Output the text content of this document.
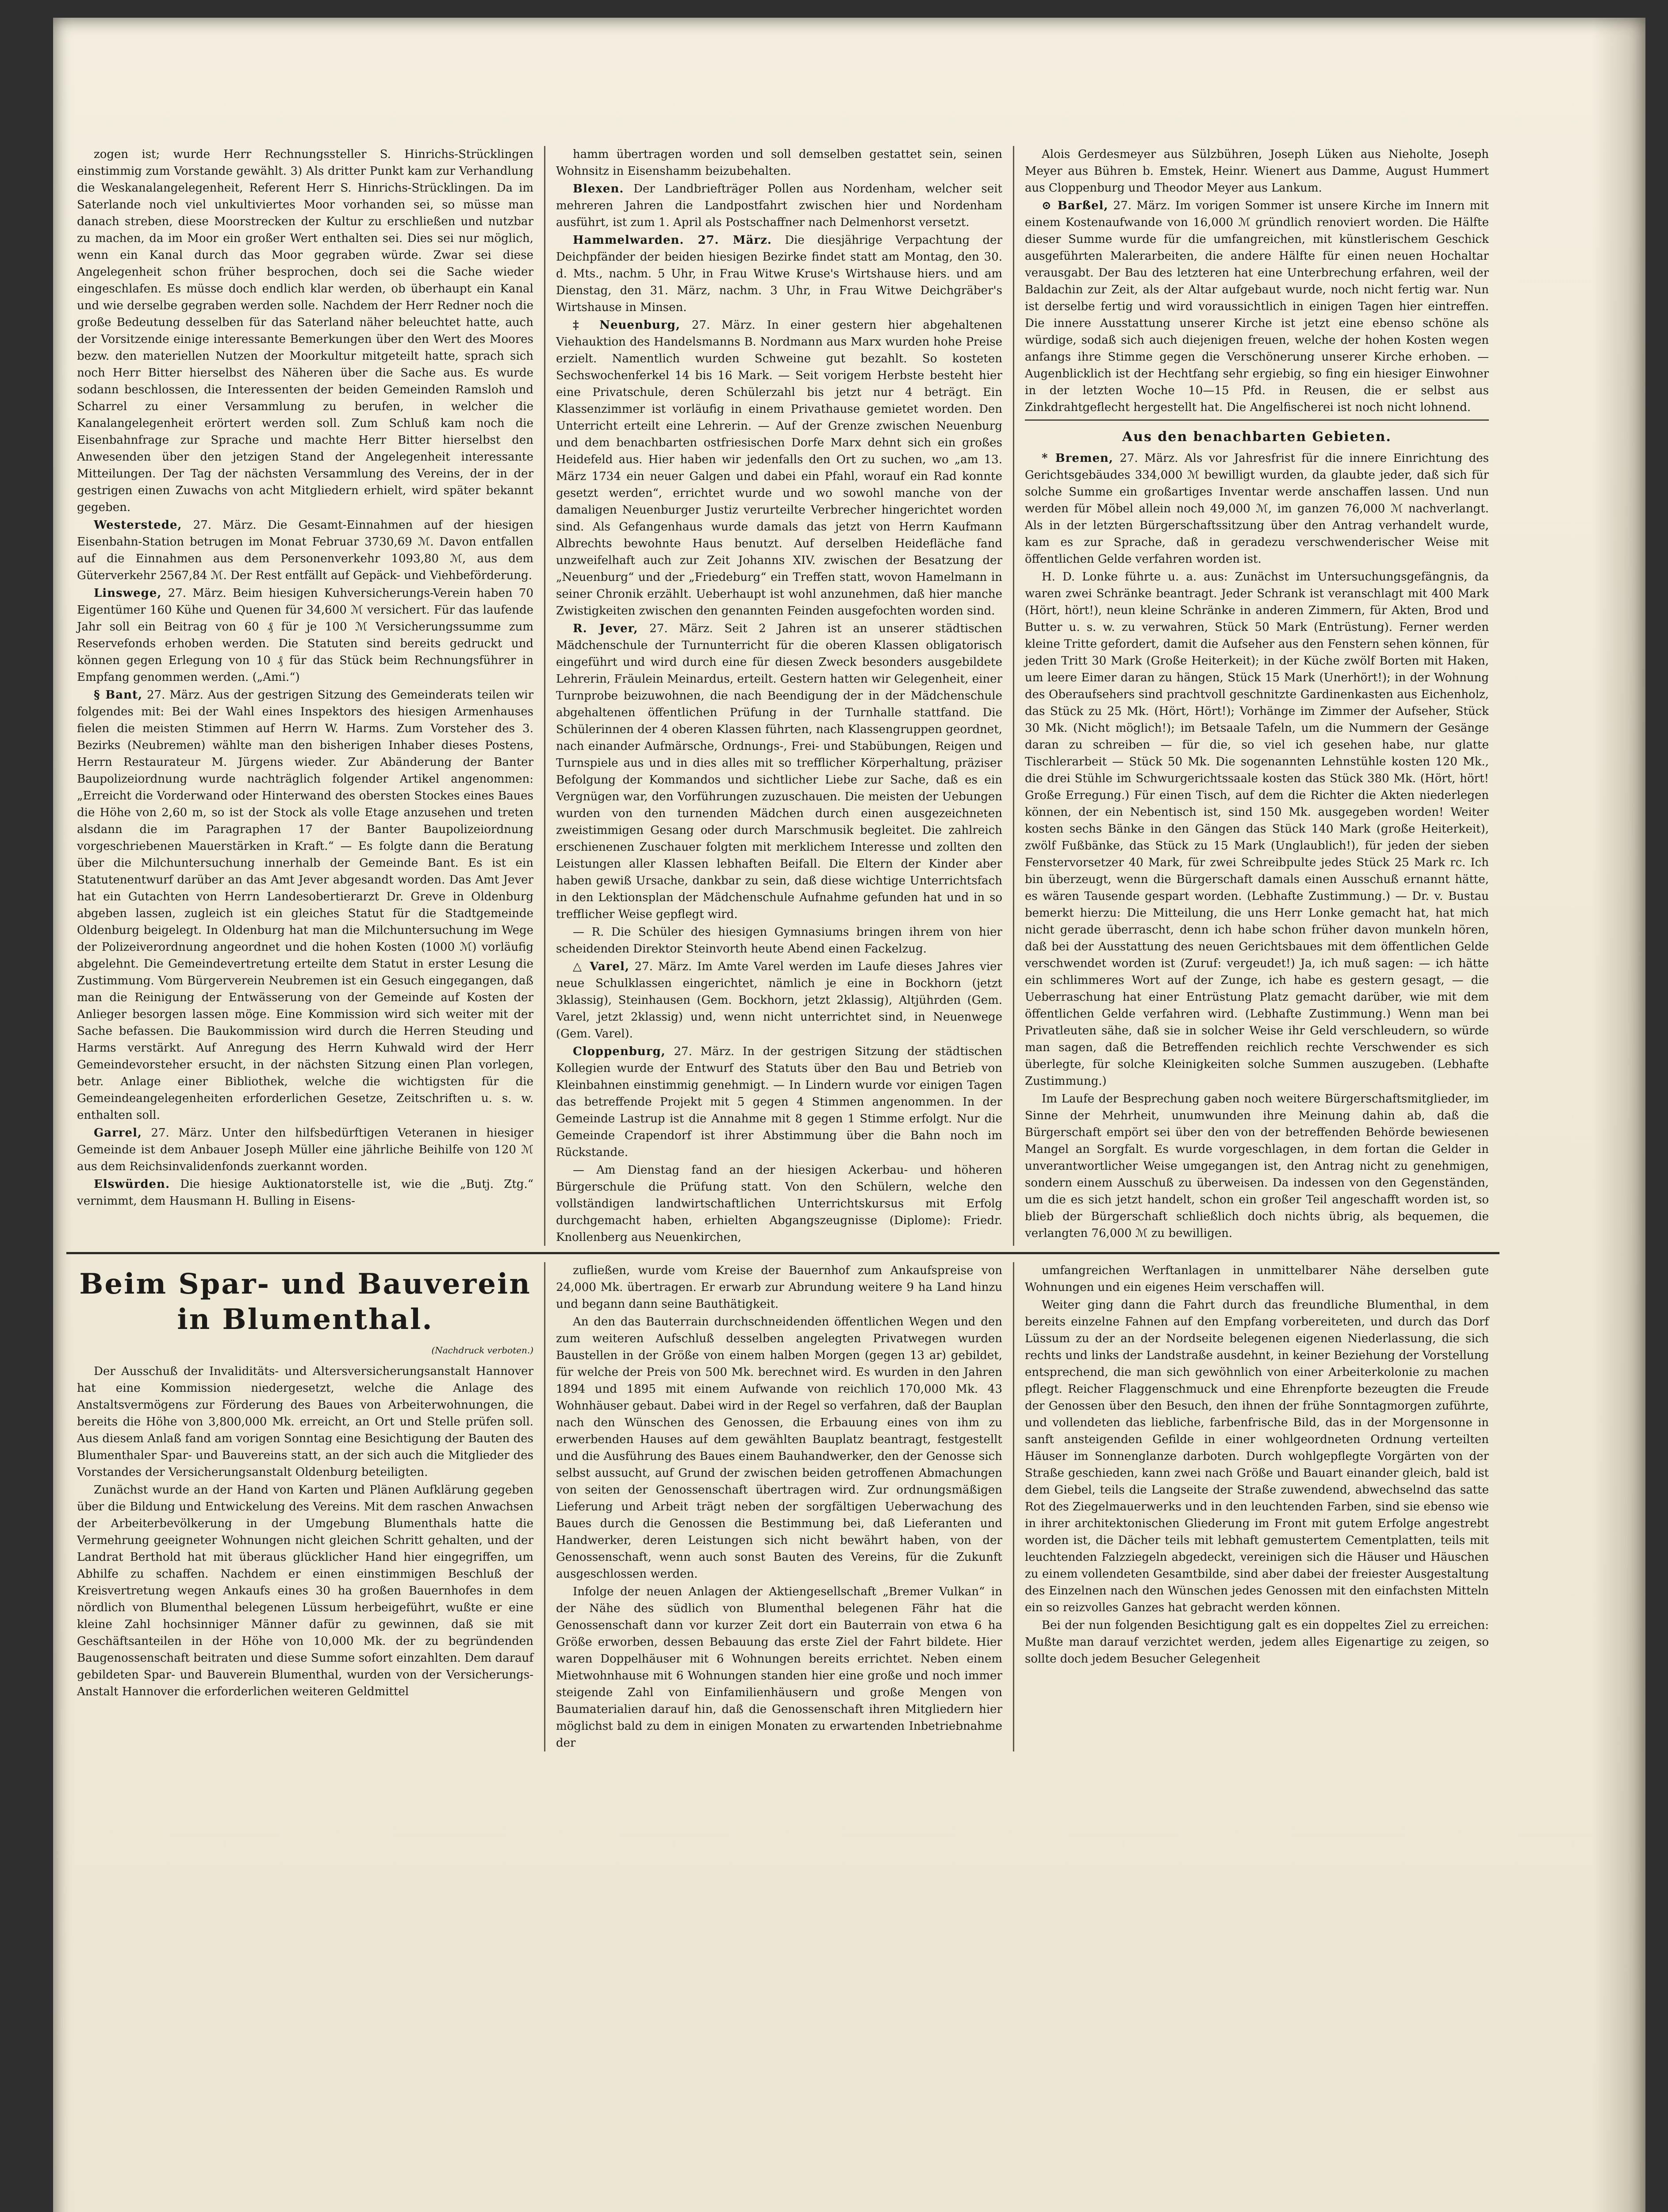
zogen ist; wurde Herr Rechnungssteller S. Hinrichs-Strücklingen einstimmig zum Vorstande gewählt. 3) Als dritter Punkt kam zur Verhandlung die Weskanalangelegenheit, Referent Herr S. Hinrichs-Strücklingen. Da im Saterlande noch viel unkultiviertes Moor vorhanden sei, so müsse man danach streben, diese Moorstrecken der Kultur zu erschließen und nutzbar zu machen, da im Moor ein großer Wert enthalten sei. Dies sei nur möglich, wenn ein Kanal durch das Moor gegraben würde. Zwar sei diese Angelegenheit schon früher besprochen, doch sei die Sache wieder eingeschlafen. Es müsse doch endlich klar werden, ob überhaupt ein Kanal und wie derselbe gegraben werden solle. Nachdem der Herr Redner noch die große Bedeutung desselben für das Saterland näher beleuchtet hatte, auch der Vorsitzende einige interessante Bemerkungen über den Wert des Moores bezw. den materiellen Nutzen der Moorkultur mitgeteilt hatte, sprach sich noch Herr Bitter hierselbst des Näheren über die Sache aus. Es wurde sodann beschlossen, die Interessenten der beiden Gemeinden Ramsloh und Scharrel zu einer Versammlung zu berufen, in welcher die Kanalangelegenheit erörtert werden soll. Zum Schluß kam noch die Eisenbahnfrage zur Sprache und machte Herr Bitter hierselbst den Anwesenden über den jetzigen Stand der Angelegenheit interessante Mitteilungen. Der Tag der nächsten Versammlung des Vereins, der in der gestrigen einen Zuwachs von acht Mitgliedern erhielt, wird später bekannt gegeben.

Westerstede, 27. März. Die Gesamt-Einnahmen auf der hiesigen Eisenbahn-Station betrugen im Monat Februar 3730,69 ℳ. Davon entfallen auf die Einnahmen aus dem Personenverkehr 1093,80 ℳ, aus dem Güterverkehr 2567,84 ℳ. Der Rest entfällt auf Gepäck- und Viehbeförderung.

Linswege, 27. März. Beim hiesigen Kuhversicherungs-Verein haben 70 Eigentümer 160 Kühe und Quenen für 34,600 ℳ versichert. Für das laufende Jahr soll ein Beitrag von 60 ₰ für je 100 ℳ Versicherungssumme zum Reservefonds erhoben werden. Die Statuten sind bereits gedruckt und können gegen Erlegung von 10 ₰ für das Stück beim Rechnungsführer in Empfang genommen werden. („Ami.“)

§ Bant, 27. März. Aus der gestrigen Sitzung des Gemeinderats teilen wir folgendes mit: Bei der Wahl eines Inspektors des hiesigen Armenhauses fielen die meisten Stimmen auf Herrn W. Harms. Zum Vorsteher des 3. Bezirks (Neubremen) wählte man den bisherigen Inhaber dieses Postens, Herrn Restaurateur M. Jürgens wieder. Zur Abänderung der Banter Baupolizeiordnung wurde nachträglich folgender Artikel angenommen: „Erreicht die Vorderwand oder Hinterwand des obersten Stockes eines Baues die Höhe von 2,60 m, so ist der Stock als volle Etage anzusehen und treten alsdann die im Paragraphen 17 der Banter Baupolizeiordnung vorgeschriebenen Mauerstärken in Kraft.“ — Es folgte dann die Beratung über die Milchuntersuchung innerhalb der Gemeinde Bant. Es ist ein Statutenentwurf darüber an das Amt Jever abgesandt worden. Das Amt Jever hat ein Gutachten von Herrn Landesobertierarzt Dr. Greve in Oldenburg abgeben lassen, zugleich ist ein gleiches Statut für die Stadtgemeinde Oldenburg beigelegt. In Oldenburg hat man die Milchuntersuchung im Wege der Polizeiverordnung angeordnet und die hohen Kosten (1000 ℳ) vorläufig abgelehnt. Die Gemeindevertretung erteilte dem Statut in erster Lesung die Zustimmung. Vom Bürgerverein Neubremen ist ein Gesuch eingegangen, daß man die Reinigung der Entwässerung von der Gemeinde auf Kosten der Anlieger besorgen lassen möge. Eine Kommission wird sich weiter mit der Sache befassen. Die Baukommission wird durch die Herren Steuding und Harms verstärkt. Auf Anregung des Herrn Kuhwald wird der Herr Gemeindevorsteher ersucht, in der nächsten Sitzung einen Plan vorlegen, betr. Anlage einer Bibliothek, welche die wichtigsten für die Gemeindeangelegenheiten erforderlichen Gesetze, Zeitschriften u. s. w. enthalten soll.

Garrel, 27. März. Unter den hilfsbedürftigen Veteranen in hiesiger Gemeinde ist dem Anbauer Joseph Müller eine jährliche Beihilfe von 120 ℳ aus dem Reichsinvalidenfonds zuerkannt worden.

Elswürden. Die hiesige Auktionatorstelle ist, wie die „Butj. Ztg.“ vernimmt, dem Hausmann H. Bulling in Eisens-

hamm übertragen worden und soll demselben gestattet sein, seinen Wohnsitz in Eisenshamm beizubehalten.

Blexen. Der Landbriefträger Pollen aus Nordenham, welcher seit mehreren Jahren die Landpostfahrt zwischen hier und Nordenham ausführt, ist zum 1. April als Postschaffner nach Delmenhorst versetzt.

Hammelwarden. 27. März. Die diesjährige Verpachtung der Deichpfänder der beiden hiesigen Bezirke findet statt am Montag, den 30. d. Mts., nachm. 5 Uhr, in Frau Witwe Kruse's Wirtshause hiers. und am Dienstag, den 31. März, nachm. 3 Uhr, in Frau Witwe Deichgräber's Wirtshause in Minsen.

‡ Neuenburg, 27. März. In einer gestern hier abgehaltenen Viehauktion des Handelsmanns B. Nordmann aus Marx wurden hohe Preise erzielt. Namentlich wurden Schweine gut bezahlt. So kosteten Sechswochenferkel 14 bis 16 Mark. — Seit vorigem Herbste besteht hier eine Privatschule, deren Schülerzahl bis jetzt nur 4 beträgt. Ein Klassenzimmer ist vorläufig in einem Privathause gemietet worden. Den Unterricht erteilt eine Lehrerin. — Auf der Grenze zwischen Neuenburg und dem benachbarten ostfriesischen Dorfe Marx dehnt sich ein großes Heidefeld aus. Hier haben wir jedenfalls den Ort zu suchen, wo „am 13. März 1734 ein neuer Galgen und dabei ein Pfahl, worauf ein Rad konnte gesetzt werden“, errichtet wurde und wo sowohl manche von der damaligen Neuenburger Justiz verurteilte Verbrecher hingerichtet worden sind. Als Gefangenhaus wurde damals das jetzt von Herrn Kaufmann Albrechts bewohnte Haus benutzt. Auf derselben Heidefläche fand unzweifelhaft auch zur Zeit Johanns XIV. zwischen der Besatzung der „Neuenburg“ und der „Friedeburg“ ein Treffen statt, wovon Hamelmann in seiner Chronik erzählt. Ueberhaupt ist wohl anzunehmen, daß hier manche Zwistigkeiten zwischen den genannten Feinden ausgefochten worden sind.

R. Jever, 27. März. Seit 2 Jahren ist an unserer städtischen Mädchenschule der Turnunterricht für die oberen Klassen obligatorisch eingeführt und wird durch eine für diesen Zweck besonders ausgebildete Lehrerin, Fräulein Meinardus, erteilt. Gestern hatten wir Gelegenheit, einer Turnprobe beizuwohnen, die nach Beendigung der in der Mädchenschule abgehaltenen öffentlichen Prüfung in der Turnhalle stattfand. Die Schülerinnen der 4 oberen Klassen führten, nach Klassengruppen geordnet, nach einander Aufmärsche, Ordnungs-, Frei- und Stabübungen, Reigen und Turnspiele aus und in dies alles mit so trefflicher Körperhaltung, präziser Befolgung der Kommandos und sichtlicher Liebe zur Sache, daß es ein Vergnügen war, den Vorführungen zuzuschauen. Die meisten der Uebungen wurden von den turnenden Mädchen durch einen ausgezeichneten zweistimmigen Gesang oder durch Marschmusik begleitet. Die zahlreich erschienenen Zuschauer folgten mit merklichem Interesse und zollten den Leistungen aller Klassen lebhaften Beifall. Die Eltern der Kinder aber haben gewiß Ursache, dankbar zu sein, daß diese wichtige Unterrichtsfach in den Lektionsplan der Mädchenschule Aufnahme gefunden hat und in so trefflicher Weise gepflegt wird.

— R. Die Schüler des hiesigen Gymnasiums bringen ihrem von hier scheidenden Direktor Steinvorth heute Abend einen Fackelzug.

△ Varel, 27. März. Im Amte Varel werden im Laufe dieses Jahres vier neue Schulklassen eingerichtet, nämlich je eine in Bockhorn (jetzt 3klassig), Steinhausen (Gem. Bockhorn, jetzt 2klassig), Altjührden (Gem. Varel, jetzt 2klassig) und, wenn nicht unterrichtet sind, in Neuenwege (Gem. Varel).

Cloppenburg, 27. März. In der gestrigen Sitzung der städtischen Kollegien wurde der Entwurf des Statuts über den Bau und Betrieb von Kleinbahnen einstimmig genehmigt. — In Lindern wurde vor einigen Tagen das betreffende Projekt mit 5 gegen 4 Stimmen angenommen. In der Gemeinde Lastrup ist die Annahme mit 8 gegen 1 Stimme erfolgt. Nur die Gemeinde Crapendorf ist ihrer Abstimmung über die Bahn noch im Rückstande.

— Am Dienstag fand an der hiesigen Ackerbau- und höheren Bürgerschule die Prüfung statt. Von den Schülern, welche den vollständigen landwirtschaftlichen Unterrichtskursus mit Erfolg durchgemacht haben, erhielten Abgangszeugnisse (Diplome): Friedr. Knollenberg aus Neuenkirchen,

Alois Gerdesmeyer aus Sülzbühren, Joseph Lüken aus Nieholte, Joseph Meyer aus Bühren b. Emstek, Heinr. Wienert aus Damme, August Hummert aus Cloppenburg und Theodor Meyer aus Lankum.

⊙ Barßel, 27. März. Im vorigen Sommer ist unsere Kirche im Innern mit einem Kostenaufwande von 16,000 ℳ gründlich renoviert worden. Die Hälfte dieser Summe wurde für die umfangreichen, mit künstlerischem Geschick ausgeführten Malerarbeiten, die andere Hälfte für einen neuen Hochaltar verausgabt. Der Bau des letzteren hat eine Unterbrechung erfahren, weil der Baldachin zur Zeit, als der Altar aufgebaut wurde, noch nicht fertig war. Nun ist derselbe fertig und wird voraussichtlich in einigen Tagen hier eintreffen. Die innere Ausstattung unserer Kirche ist jetzt eine ebenso schöne als würdige, sodaß sich auch diejenigen freuen, welche der hohen Kosten wegen anfangs ihre Stimme gegen die Verschönerung unserer Kirche erhoben. — Augenblicklich ist der Hechtfang sehr ergiebig, so fing ein hiesiger Einwohner in der letzten Woche 10—15 Pfd. in Reusen, die er selbst aus Zinkdrahtgeflecht hergestellt hat. Die Angelfischerei ist noch nicht lohnend.

Aus den benachbarten Gebieten.

* Bremen, 27. März. Als vor Jahresfrist für die innere Einrichtung des Gerichtsgebäudes 334,000 ℳ bewilligt wurden, da glaubte jeder, daß sich für solche Summe ein großartiges Inventar werde anschaffen lassen. Und nun werden für Möbel allein noch 49,000 ℳ, im ganzen 76,000 ℳ nachverlangt. Als in der letzten Bürgerschaftssitzung über den Antrag verhandelt wurde, kam es zur Sprache, daß in geradezu verschwenderischer Weise mit öffentlichen Gelde verfahren worden ist.

H. D. Lonke führte u. a. aus: Zunächst im Untersuchungsgefängnis, da waren zwei Schränke beantragt. Jeder Schrank ist veranschlagt mit 400 Mark (Hört, hört!), neun kleine Schränke in anderen Zimmern, für Akten, Brod und Butter u. s. w. zu verwahren, Stück 50 Mark (Entrüstung). Ferner werden kleine Tritte gefordert, damit die Aufseher aus den Fenstern sehen können, für jeden Tritt 30 Mark (Große Heiterkeit); in der Küche zwölf Borten mit Haken, um leere Eimer daran zu hängen, Stück 15 Mark (Unerhört!); in der Wohnung des Oberaufsehers sind prachtvoll geschnitzte Gardinenkasten aus Eichenholz, das Stück zu 25 Mk. (Hört, Hört!); Vorhänge im Zimmer der Aufseher, Stück 30 Mk. (Nicht möglich!); im Betsaale Tafeln, um die Nummern der Gesänge daran zu schreiben — für die, so viel ich gesehen habe, nur glatte Tischlerarbeit — Stück 50 Mk. Die sogenannten Lehnstühle kosten 120 Mk., die drei Stühle im Schwurgerichtssaale kosten das Stück 380 Mk. (Hört, hört! Große Erregung.) Für einen Tisch, auf dem die Richter die Akten niederlegen können, der ein Nebentisch ist, sind 150 Mk. ausgegeben worden! Weiter kosten sechs Bänke in den Gängen das Stück 140 Mark (große Heiterkeit), zwölf Fußbänke, das Stück zu 15 Mark (Unglaublich!), für jeden der sieben Fenstervorsetzer 40 Mark, für zwei Schreibpulte jedes Stück 25 Mark rc. Ich bin überzeugt, wenn die Bürgerschaft damals einen Ausschuß ernannt hätte, es wären Tausende gespart worden. (Lebhafte Zustimmung.) — Dr. v. Bustau bemerkt hierzu: Die Mitteilung, die uns Herr Lonke gemacht hat, hat mich nicht gerade überrascht, denn ich habe schon früher davon munkeln hören, daß bei der Ausstattung des neuen Gerichtsbaues mit dem öffentlichen Gelde verschwendet worden ist (Zuruf: vergeudet!) Ja, ich muß sagen: — ich hätte ein schlimmeres Wort auf der Zunge, ich habe es gestern gesagt, — die Ueberraschung hat einer Entrüstung Platz gemacht darüber, wie mit dem öffentlichen Gelde verfahren wird. (Lebhafte Zustimmung.) Wenn man bei Privatleuten sähe, daß sie in solcher Weise ihr Geld verschleudern, so würde man sagen, daß die Betreffenden reichlich rechte Verschwender es sich überlegte, für solche Kleinigkeiten solche Summen auszugeben. (Lebhafte Zustimmung.)

Im Laufe der Besprechung gaben noch weitere Bürgerschaftsmitglieder, im Sinne der Mehrheit, unumwunden ihre Meinung dahin ab, daß die Bürgerschaft empört sei über den von der betreffenden Behörde bewiesenen Mangel an Sorgfalt. Es wurde vorgeschlagen, in dem fortan die Gelder in unverantwortlicher Weise umgegangen ist, den Antrag nicht zu genehmigen, sondern einem Ausschuß zu überweisen. Da indessen von den Gegenständen, um die es sich jetzt handelt, schon ein großer Teil angeschafft worden ist, so blieb der Bürgerschaft schließlich doch nichts übrig, als bequemen, die verlangten 76,000 ℳ zu bewilligen.

Beim Spar- und Bauverein
in Blumenthal.
(Nachdruck verboten.)

Der Ausschuß der Invaliditäts- und Altersversicherungsanstalt Hannover hat eine Kommission niedergesetzt, welche die Anlage des Anstaltsvermögens zur Förderung des Baues von Arbeiterwohnungen, die bereits die Höhe von 3,800,000 Mk. erreicht, an Ort und Stelle prüfen soll. Aus diesem Anlaß fand am vorigen Sonntag eine Besichtigung der Bauten des Blumenthaler Spar- und Bauvereins statt, an der sich auch die Mitglieder des Vorstandes der Versicherungsanstalt Oldenburg beteiligten.

Zunächst wurde an der Hand von Karten und Plänen Aufklärung gegeben über die Bildung und Entwickelung des Vereins. Mit dem raschen Anwachsen der Arbeiterbevölkerung in der Umgebung Blumenthals hatte die Vermehrung geeigneter Wohnungen nicht gleichen Schritt gehalten, und der Landrat Berthold hat mit überaus glücklicher Hand hier eingegriffen, um Abhilfe zu schaffen. Nachdem er einen einstimmigen Beschluß der Kreisvertretung wegen Ankaufs eines 30 ha großen Bauernhofes in dem nördlich von Blumenthal belegenen Lüssum herbeigeführt, wußte er eine kleine Zahl hochsinniger Männer dafür zu gewinnen, daß sie mit Geschäftsanteilen in der Höhe von 10,000 Mk. der zu begründenden Baugenossenschaft beitraten und diese Summe sofort einzahlten. Dem darauf gebildeten Spar- und Bauverein Blumenthal, wurden von der Versicherungs-Anstalt Hannover die erforderlichen weiteren Geldmittel

zufließen, wurde vom Kreise der Bauernhof zum Ankaufspreise von 24,000 Mk. übertragen. Er erwarb zur Abrundung weitere 9 ha Land hinzu und begann dann seine Bauthätigkeit.

An den das Bauterrain durchschneidenden öffentlichen Wegen und den zum weiteren Aufschluß desselben angelegten Privatwegen wurden Baustellen in der Größe von einem halben Morgen (gegen 13 ar) gebildet, für welche der Preis von 500 Mk. berechnet wird. Es wurden in den Jahren 1894 und 1895 mit einem Aufwande von reichlich 170,000 Mk. 43 Wohnhäuser gebaut. Dabei wird in der Regel so verfahren, daß der Bauplan nach den Wünschen des Genossen, die Erbauung eines von ihm zu erwerbenden Hauses auf dem gewählten Bauplatz beantragt, festgestellt und die Ausführung des Baues einem Bauhandwerker, den der Genosse sich selbst aussucht, auf Grund der zwischen beiden getroffenen Abmachungen von seiten der Genossenschaft übertragen wird. Zur ordnungsmäßigen Lieferung und Arbeit trägt neben der sorgfältigen Ueberwachung des Baues durch die Genossen die Bestimmung bei, daß Lieferanten und Handwerker, deren Leistungen sich nicht bewährt haben, von der Genossenschaft, wenn auch sonst Bauten des Vereins, für die Zukunft ausgeschlossen werden.

Infolge der neuen Anlagen der Aktiengesellschaft „Bremer Vulkan“ in der Nähe des südlich von Blumenthal belegenen Fähr hat die Genossenschaft dann vor kurzer Zeit dort ein Bauterrain von etwa 6 ha Größe erworben, dessen Bebauung das erste Ziel der Fahrt bildete. Hier waren Doppelhäuser mit 6 Wohnungen bereits errichtet. Neben einem Mietwohnhause mit 6 Wohnungen standen hier eine große und noch immer steigende Zahl von Einfamilienhäusern und große Mengen von Baumaterialien darauf hin, daß die Genossenschaft ihren Mitgliedern hier möglichst bald zu dem in einigen Monaten zu erwartenden Inbetriebnahme der

umfangreichen Werftanlagen in unmittelbarer Nähe derselben gute Wohnungen und ein eigenes Heim verschaffen will.

Weiter ging dann die Fahrt durch das freundliche Blumenthal, in dem bereits einzelne Fahnen auf den Empfang vorbereiteten, und durch das Dorf Lüssum zu der an der Nordseite belegenen eigenen Niederlassung, die sich rechts und links der Landstraße ausdehnt, in keiner Beziehung der Vorstellung entsprechend, die man sich gewöhnlich von einer Arbeiterkolonie zu machen pflegt. Reicher Flaggenschmuck und eine Ehrenpforte bezeugten die Freude der Genossen über den Besuch, den ihnen der frühe Sonntagmorgen zuführte, und vollendeten das liebliche, farbenfrische Bild, das in der Morgensonne in sanft ansteigenden Gefilde in einer wohlgeordneten Ordnung verteilten Häuser im Sonnenglanze darboten. Durch wohlgepflegte Vorgärten von der Straße geschieden, kann zwei nach Größe und Bauart einander gleich, bald ist dem Giebel, teils die Langseite der Straße zuwendend, abwechselnd das satte Rot des Ziegelmauerwerks und in den leuchtenden Farben, sind sie ebenso wie in ihrer architektonischen Gliederung im Front mit gutem Erfolge angestrebt worden ist, die Dächer teils mit lebhaft gemustertem Cementplatten, teils mit leuchtenden Falzziegeln abgedeckt, vereinigen sich die Häuser und Häuschen zu einem vollendeten Gesamtbilde, sind aber dabei der freiester Ausgestaltung des Einzelnen nach den Wünschen jedes Genossen mit den einfachsten Mitteln ein so reizvolles Ganzes hat gebracht werden können.

Bei der nun folgenden Besichtigung galt es ein doppeltes Ziel zu erreichen: Mußte man darauf verzichtet werden, jedem alles Eigenartige zu zeigen, so sollte doch jedem Besucher Gelegenheit
